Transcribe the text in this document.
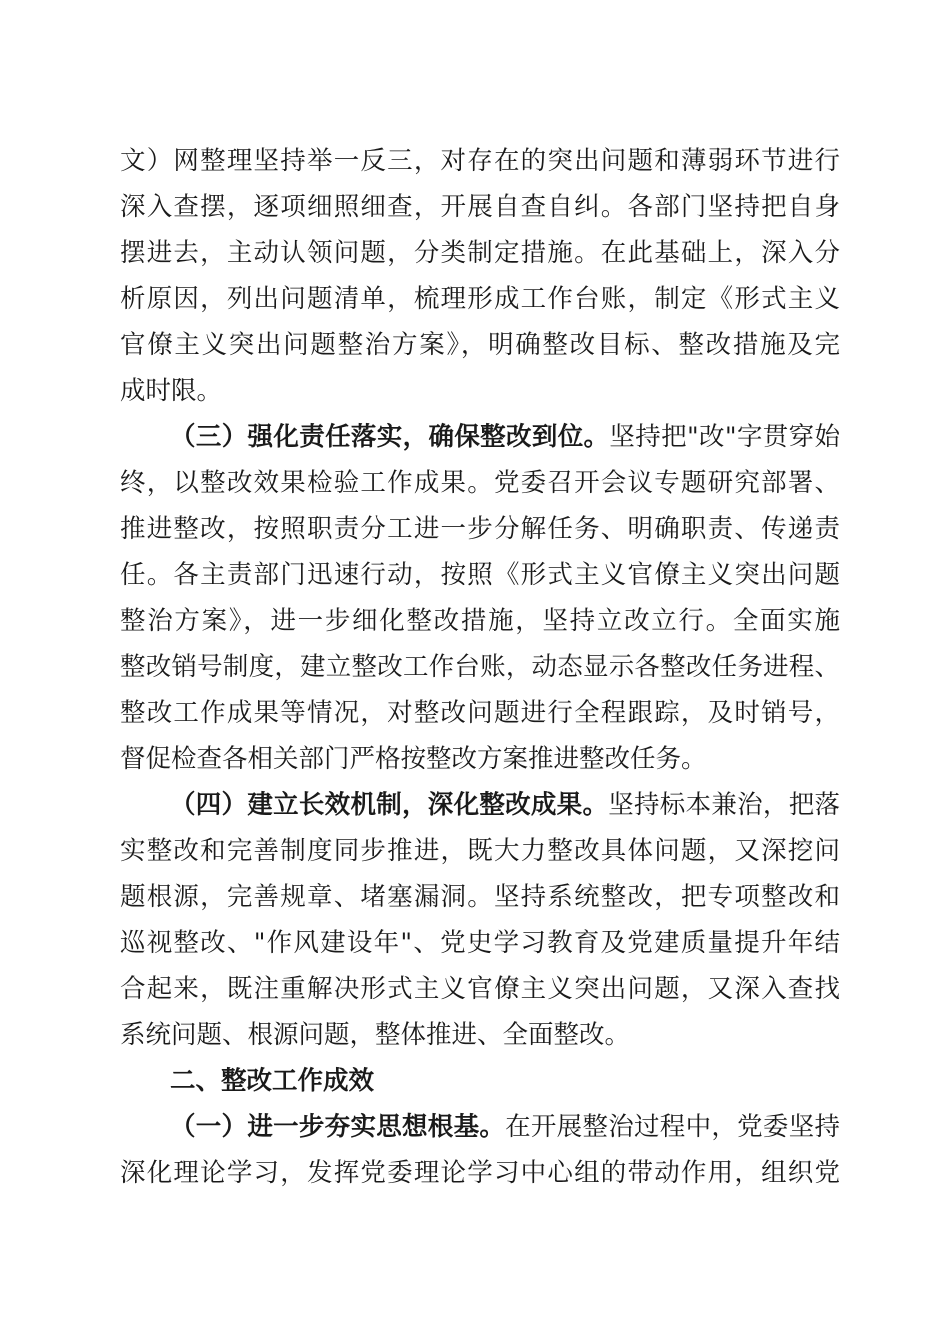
文）网整理坚持举一反三，对存在的突出问题和薄弱环节进行
深入查摆，逐项细照细查，开展自查自纠。各部门坚持把自身
摆进去，主动认领问题，分类制定措施。在此基础上，深入分
析原因，列出问题清单，梳理形成工作台账，制定《形式主义
官僚主义突出问题整治方案》，明确整改目标、整改措施及完
成时限。
（三）强化责任落实，确保整改到位。坚持把"改"字贯穿始
终，以整改效果检验工作成果。党委召开会议专题研究部署、
推进整改，按照职责分工进一步分解任务、明确职责、传递责
任。各主责部门迅速行动，按照《形式主义官僚主义突出问题
整治方案》，进一步细化整改措施，坚持立改立行。全面实施
整改销号制度，建立整改工作台账，动态显示各整改任务进程、
整改工作成果等情况，对整改问题进行全程跟踪，及时销号，
督促检查各相关部门严格按整改方案推进整改任务。
（四）建立长效机制，深化整改成果。坚持标本兼治，把落
实整改和完善制度同步推进，既大力整改具体问题，又深挖问
题根源，完善规章、堵塞漏洞。坚持系统整改，把专项整改和
巡视整改、"作风建设年"、党史学习教育及党建质量提升年结
合起来，既注重解决形式主义官僚主义突出问题，又深入查找
系统问题、根源问题，整体推进、全面整改。
二、整改工作成效
（一）进一步夯实思想根基。在开展整治过程中，党委坚持
深化理论学习，发挥党委理论学习中心组的带动作用，组织党
